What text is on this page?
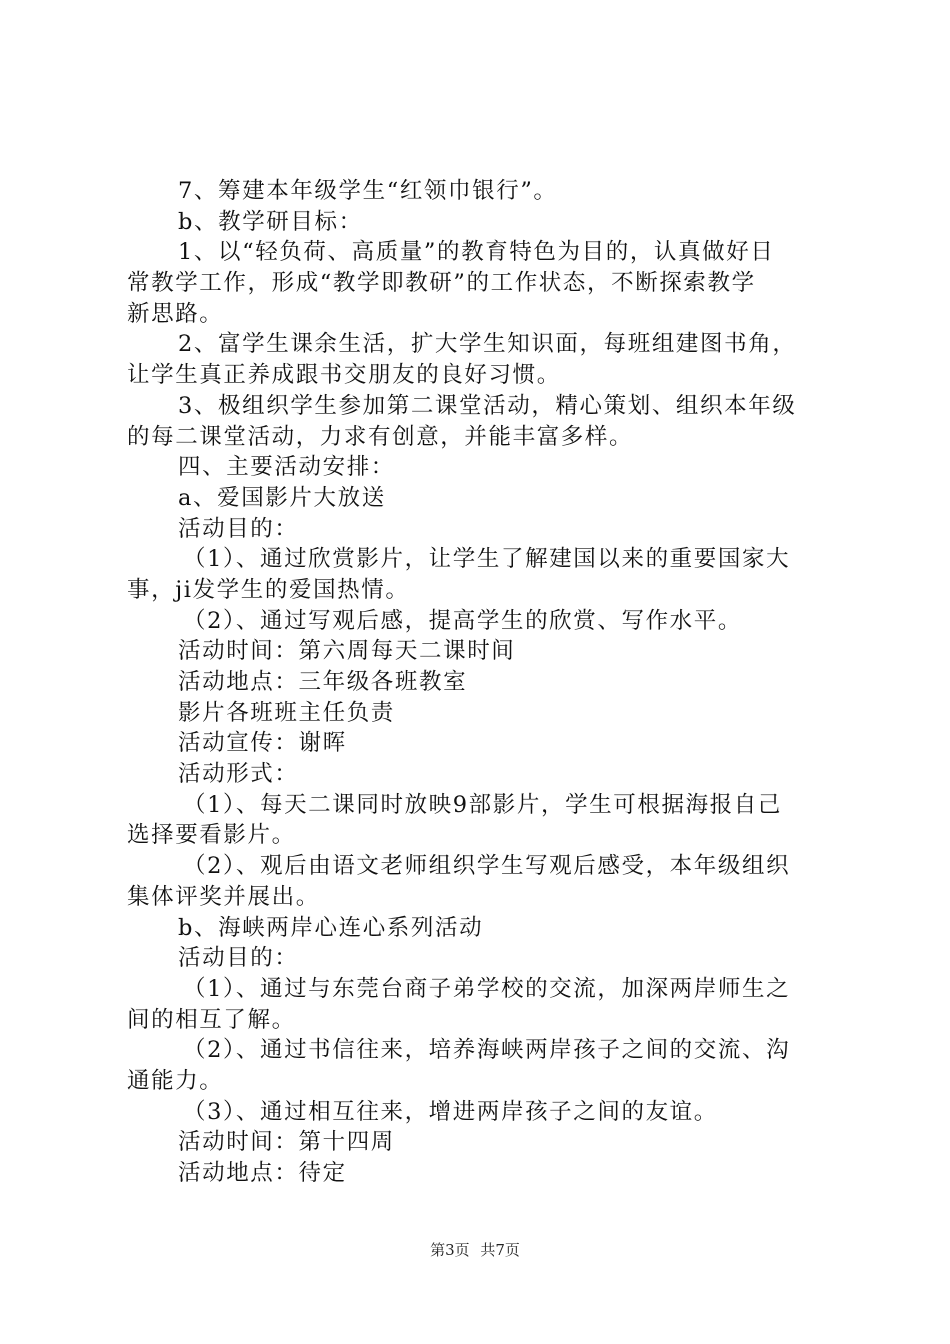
7、筹建本年级学生“红领巾银行”。

b、教学研目标：

1、以“轻负荷、高质量”的教育特色为目的，认真做好日

常教学工作，形成“教学即教研”的工作状态，不断探索教学

新思路。

2、富学生课余生活，扩大学生知识面，每班组建图书角，

让学生真正养成跟书交朋友的良好习惯。

3、极组织学生参加第二课堂活动，精心策划、组织本年级

的每二课堂活动，力求有创意，并能丰富多样。

四、主要活动安排：

a、爱国影片大放送

活动目的：

（1）、通过欣赏影片，让学生了解建国以来的重要国家大

事，ji发学生的爱国热情。

（2）、通过写观后感，提高学生的欣赏、写作水平。

活动时间：第六周每天二课时间

活动地点：三年级各班教室

影片各班班主任负责

活动宣传：谢晖

活动形式：

（1）、每天二课同时放映9部影片，学生可根据海报自己

选择要看影片。

（2）、观后由语文老师组织学生写观后感受，本年级组织

集体评奖并展出。

b、海峡两岸心连心系列活动

活动目的：

（1）、通过与东莞台商子弟学校的交流，加深两岸师生之

间的相互了解。

（2）、通过书信往来，培养海峡两岸孩子之间的交流、沟

通能力。

（3）、通过相互往来，增进两岸孩子之间的友谊。

活动时间：第十四周

活动地点：待定

第3页 共7页
